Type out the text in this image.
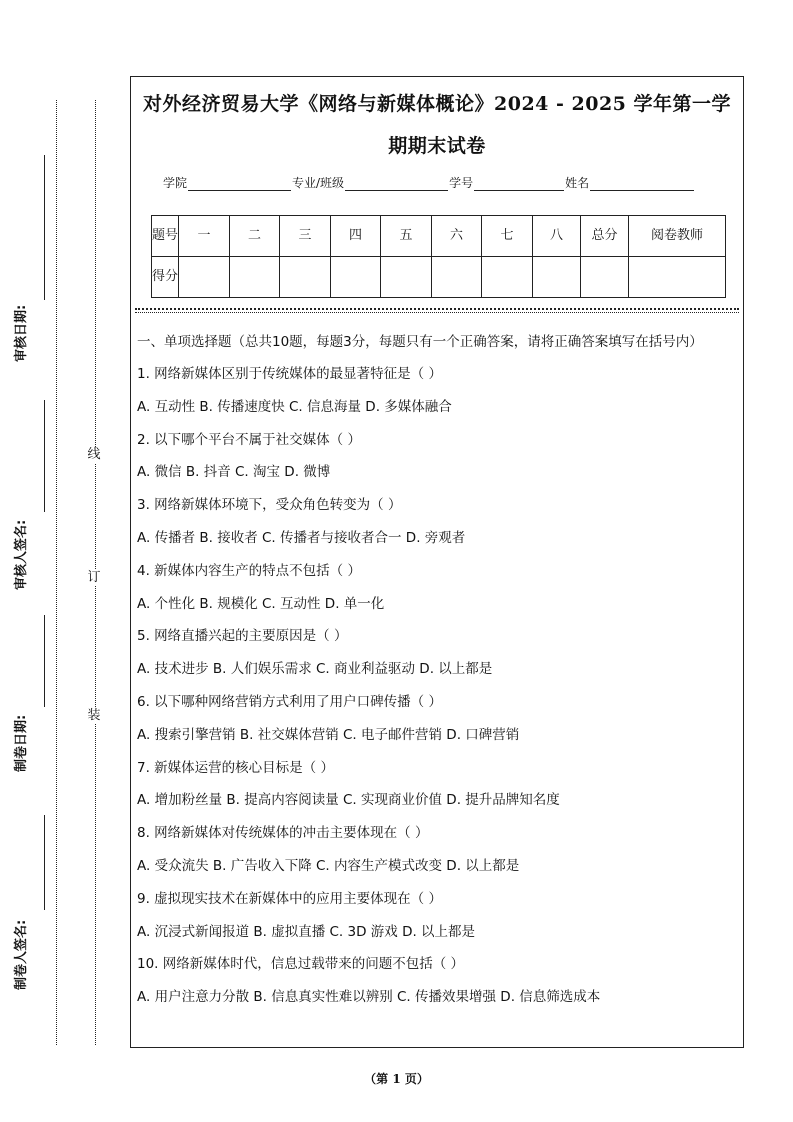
审核日期:
审核人签名:
制卷日期:
制卷人签名:
线
订
装
对外经济贸易大学《网络与新媒体概论》2024 - 2025 学年第一学
期期末试卷
学院	专业/班级	学号	姓名
题号	一	二	三	四	五	六	七	八	总分	阅卷教师
得分										
一、单项选择题（总共10题，每题3分，每题只有一个正确答案，请将正确答案填写在括号内）
1. 网络新媒体区别于传统媒体的最显著特征是（ ）
A. 互动性 B. 传播速度快 C. 信息海量 D. 多媒体融合
2. 以下哪个平台不属于社交媒体（ ）
A. 微信 B. 抖音 C. 淘宝 D. 微博
3. 网络新媒体环境下，受众角色转变为（ ）
A. 传播者 B. 接收者 C. 传播者与接收者合一 D. 旁观者
4. 新媒体内容生产的特点不包括（ ）
A. 个性化 B. 规模化 C. 互动性 D. 单一化
5. 网络直播兴起的主要原因是（ ）
A. 技术进步 B. 人们娱乐需求 C. 商业利益驱动 D. 以上都是
6. 以下哪种网络营销方式利用了用户口碑传播（ ）
A. 搜索引擎营销 B. 社交媒体营销 C. 电子邮件营销 D. 口碑营销
7. 新媒体运营的核心目标是（ ）
A. 增加粉丝量 B. 提高内容阅读量 C. 实现商业价值 D. 提升品牌知名度
8. 网络新媒体对传统媒体的冲击主要体现在（ ）
A. 受众流失 B. 广告收入下降 C. 内容生产模式改变 D. 以上都是
9. 虚拟现实技术在新媒体中的应用主要体现在（ ）
A. 沉浸式新闻报道 B. 虚拟直播 C. 3D 游戏 D. 以上都是
10. 网络新媒体时代，信息过载带来的问题不包括（ ）
A. 用户注意力分散 B. 信息真实性难以辨别 C. 传播效果增强 D. 信息筛选成本
（第 1 页）
